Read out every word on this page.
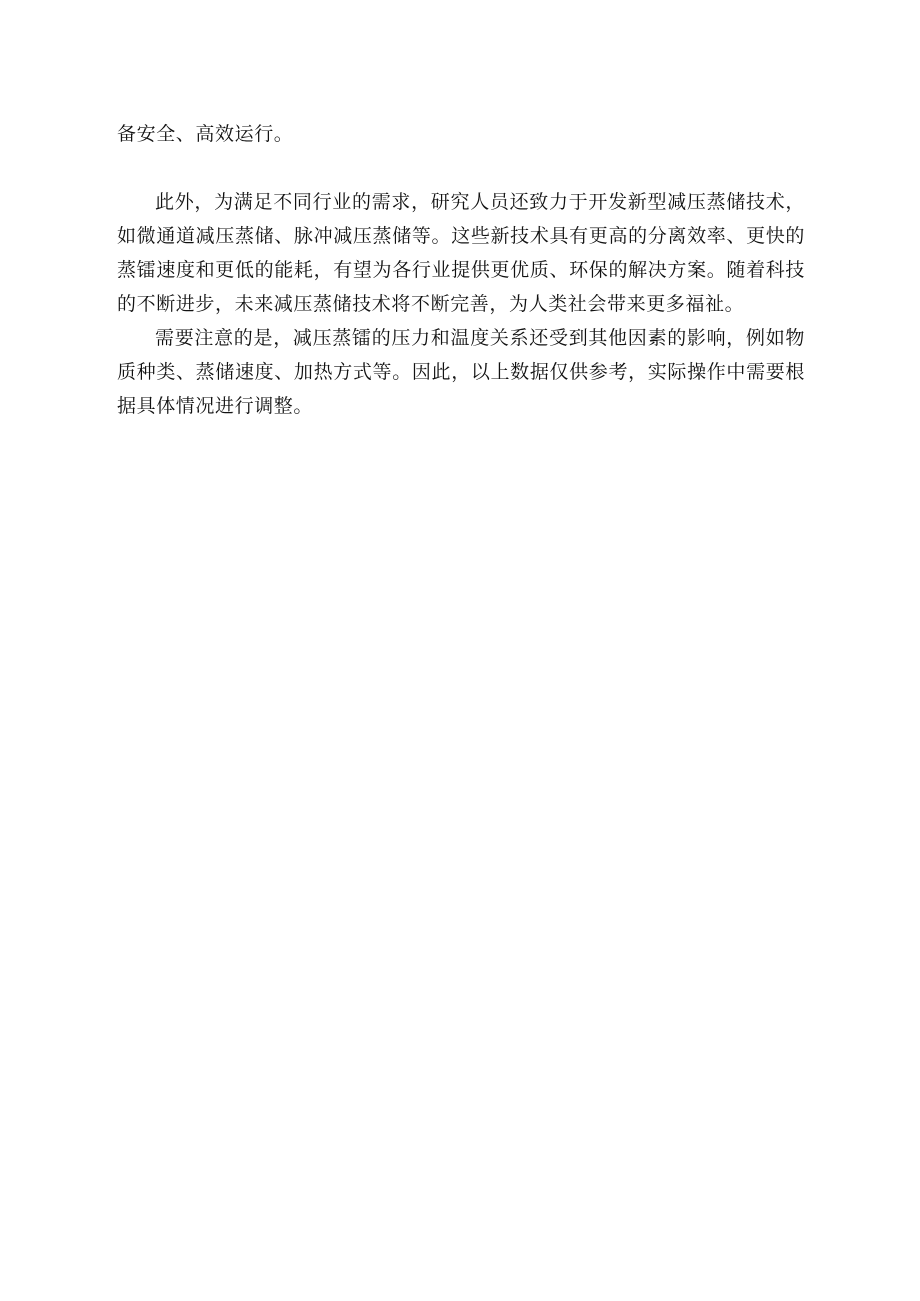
备安全、高效运行。

此外，为满足不同行业的需求，研究人员还致力于开发新型减压蒸储技术，如微通道减压蒸储、脉冲减压蒸储等。这些新技术具有更高的分离效率、更快的蒸镭速度和更低的能耗，有望为各行业提供更优质、环保的解决方案。随着科技的不断进步，未来减压蒸储技术将不断完善，为人类社会带来更多福祉。

需要注意的是，减压蒸镭的压力和温度关系还受到其他因素的影响，例如物质种类、蒸储速度、加热方式等。因此，以上数据仅供参考，实际操作中需要根据具体情况进行调整。
